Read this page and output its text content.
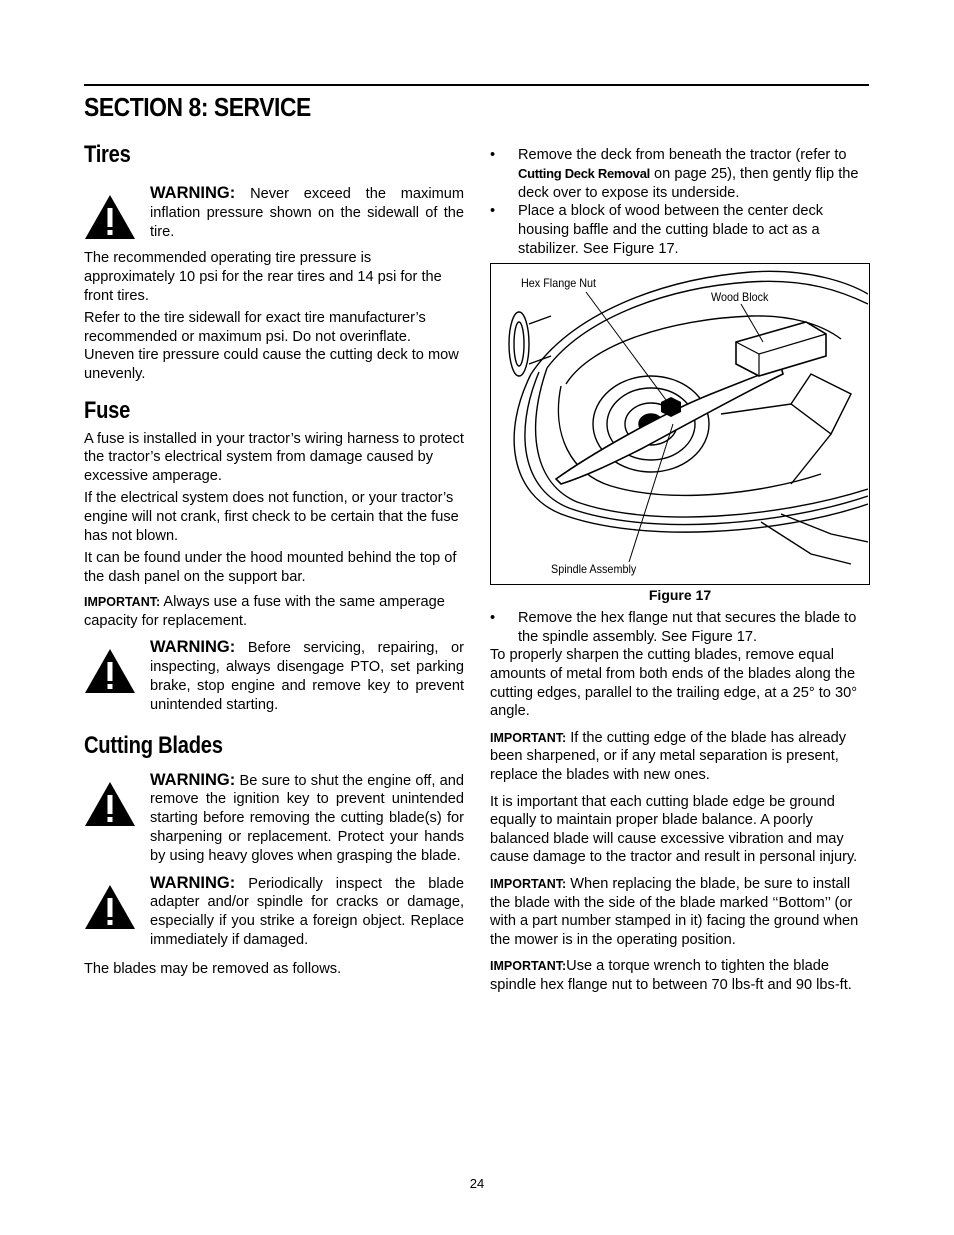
SECTION 8: SERVICE
Tires
WARNING: Never exceed the maximum inflation pressure shown on the sidewall of the tire.

The recommended operating tire pressure is approximately 10 psi for the rear tires and 14 psi for the front tires.

Refer to the tire sidewall for exact tire manufacturer’s recommended or maximum psi. Do not overinflate. Uneven tire pressure could cause the cutting deck to mow unevenly.

Fuse

A fuse is installed in your tractor’s wiring harness to protect the tractor’s electrical system from damage caused by excessive amperage.

If the electrical system does not function, or your tractor’s engine will not crank, first check to be certain that the fuse has not blown.

It can be found under the hood mounted behind the top of the dash panel on the support bar.

IMPORTANT: Always use a fuse with the same amperage capacity for replacement.

WARNING: Before servicing, repairing, or inspecting, always disengage PTO, set parking brake, stop engine and remove key to prevent unintended starting.
Cutting Blades
WARNING: Be sure to shut the engine off, and remove the ignition key to prevent unintended starting before removing the cutting blade(s) for sharpening or replacement. Protect your hands by using heavy gloves when grasping the blade.
WARNING: Periodically inspect the blade adapter and/or spindle for cracks or damage, especially if you strike a foreign object. Replace immediately if damaged.

The blades may be removed as follows.

•	Remove the deck from beneath the tractor (refer to Cutting Deck Removal on page 25), then gently flip the deck over to expose its underside.
•	Place a block of wood between the center deck housing baffle and the cutting blade to act as a stabilizer. See Figure 17.
Hex Flange Nut
Wood Block
Spindle Assembly
Figure 17
•	Remove the hex flange nut that secures the blade to the spindle assembly. See Figure 17.

To properly sharpen the cutting blades, remove equal amounts of metal from both ends of the blades along the cutting edges, parallel to the trailing edge, at a 25° to 30° angle.

IMPORTANT: If the cutting edge of the blade has already been sharpened, or if any metal separation is present, replace the blades with new ones.

It is important that each cutting blade edge be ground equally to maintain proper blade balance. A poorly balanced blade will cause excessive vibration and may cause damage to the tractor and result in personal injury.

IMPORTANT: When replacing the blade, be sure to install the blade with the side of the blade marked ‘‘Bottom’’ (or with a part number stamped in it) facing the ground when the mower is in the operating position.

IMPORTANT:Use a torque wrench to tighten the blade spindle hex flange nut to between 70 lbs-ft and 90 lbs-ft.

24
